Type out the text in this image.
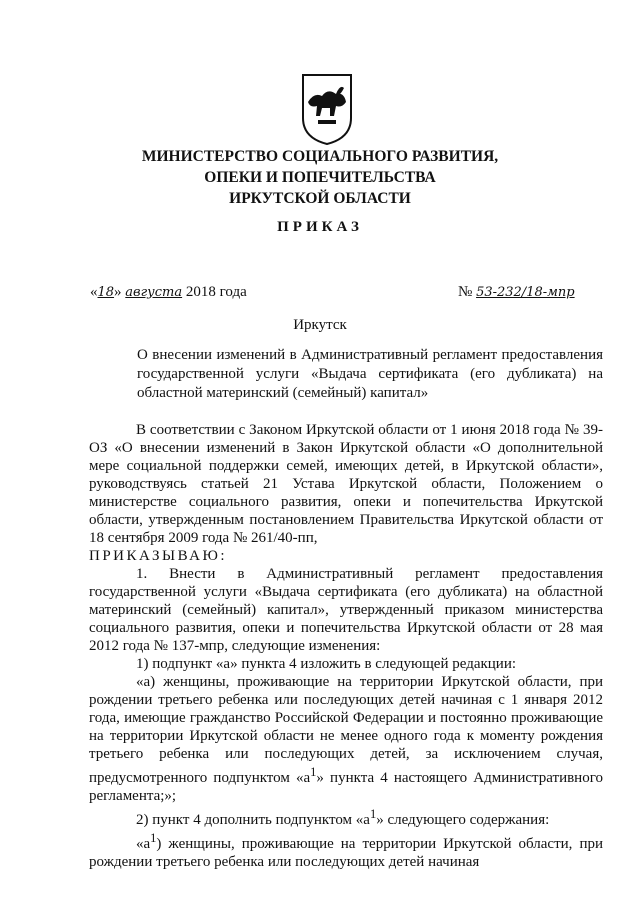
МИНИСТЕРСТВО СОЦИАЛЬНОГО РАЗВИТИЯ,
ОПЕКИ И ПОПЕЧИТЕЛЬСТВА
ИРКУТСКОЙ ОБЛАСТИ
ПРИКАЗ
«18» августа 2018 года	№ 53-232/18-мпр
Иркутск
О внесении изменений в Административный регламент предоставления государственной услуги «Выдача сертификата (его дубликата) на областной материнский (семейный) капитал»

В соответствии с Законом Иркутской области от 1 июня 2018 года № 39-ОЗ «О внесении изменений в Закон Иркутской области «О дополнительной мере социальной поддержки семей, имеющих детей, в Иркутской области», руководствуясь статьей 21 Устава Иркутской области, Положением о министерстве социального развития, опеки и попечительства Иркутской области, утвержденным постановлением Правительства Иркутской области от 18 сентября 2009 года № 261/40-пп,

ПРИКАЗЫВАЮ:

1. Внести в Административный регламент предоставления государственной услуги «Выдача сертификата (его дубликата) на областной материнский (семейный) капитал», утвержденный приказом министерства социального развития, опеки и попечительства Иркутской области от 28 мая 2012 года № 137-мпр, следующие изменения:

1) подпункт «а» пункта 4 изложить в следующей редакции:

«а) женщины, проживающие на территории Иркутской области, при рождении третьего ребенка или последующих детей начиная с 1 января 2012 года, имеющие гражданство Российской Федерации и постоянно проживающие на территории Иркутской области не менее одного года к моменту рождения третьего ребенка или последующих детей, за исключением случая, предусмотренного подпунктом «$а^1$» пункта 4 настоящего Административного регламента;»;

2) пункт 4 дополнить подпунктом «$а^1$» следующего содержания:

«$а^1$) женщины, проживающие на территории Иркутской области, при рождении третьего ребенка или последующих детей начиная
